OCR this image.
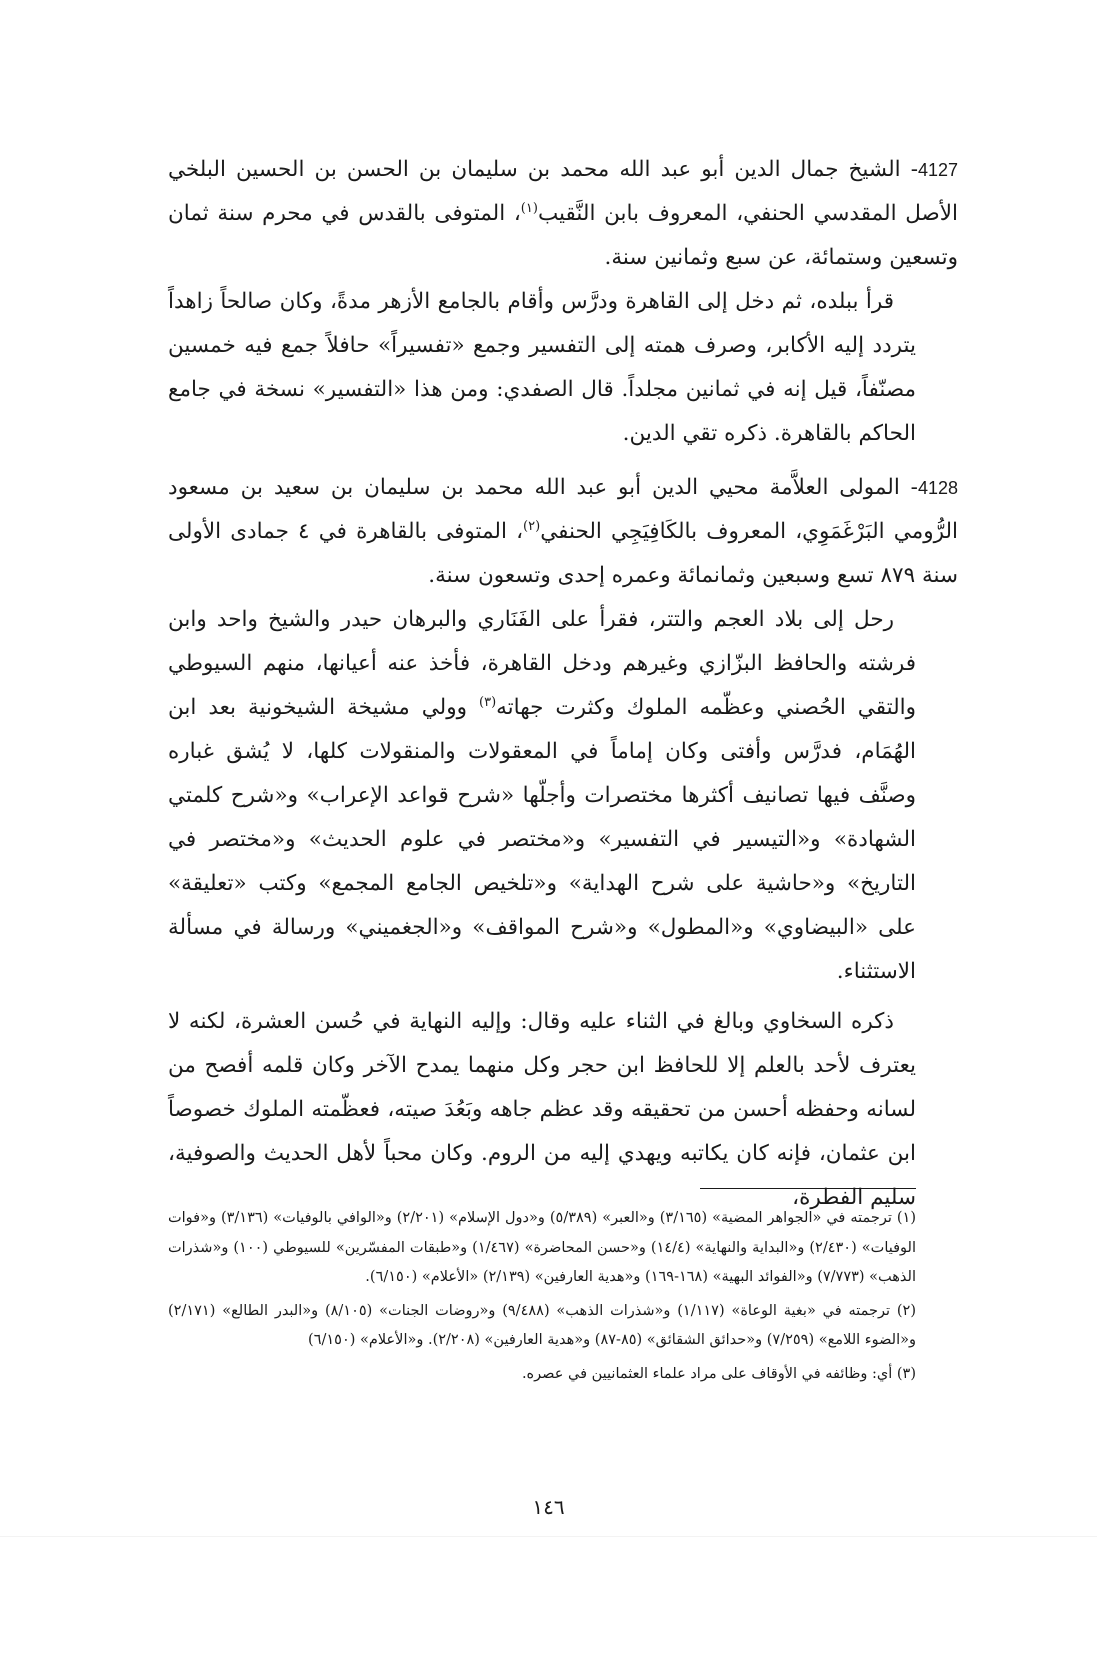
4127- الشيخ جمال الدين أبو عبد الله محمد بن سليمان بن الحسن بن الحسين البلخي الأصل المقدسي الحنفي، المعروف بابن النَّقيب$^{(١)}$، المتوفى بالقدس في محرم سنة ثمان وتسعين وستمائة، عن سبع وثمانين سنة.

قرأ ببلده، ثم دخل إلى القاهرة ودرَّس وأقام بالجامع الأزهر مدةً، وكان صالحاً زاهداً يتردد إليه الأكابر، وصرف همته إلى التفسير وجمع «تفسيراً» حافلاً جمع فيه خمسين مصنّفاً، قيل إنه في ثمانين مجلداً. قال الصفدي: ومن هذا «التفسير» نسخة في جامع الحاكم بالقاهرة. ذكره تقي الدين.

4128- المولى العلاَّمة محيي الدين أبو عبد الله محمد بن سليمان بن سعيد بن مسعود الرُّومي البَرْغَمَوِي، المعروف بالكَافِيَجِي الحنفي$^{(٢)}$، المتوفى بالقاهرة في ٤ جمادى الأولى سنة ٨٧٩ تسع وسبعين وثمانمائة وعمره إحدى وتسعون سنة.

رحل إلى بلاد العجم والتتر، فقرأ على الفَنَاري والبرهان حيدر والشيخ واحد وابن فرشته والحافظ البزّازي وغيرهم ودخل القاهرة، فأخذ عنه أعيانها، منهم السيوطي والتقي الحُصني وعظّمه الملوك وكثرت جهاته$^{(٣)}$ وولي مشيخة الشيخونية بعد ابن الهُمَام، فدرَّس وأفتى وكان إماماً في المعقولات والمنقولات كلها، لا يُشق غباره وصنَّف فيها تصانيف أكثرها مختصرات وأجلّها «شرح قواعد الإعراب» و«شرح كلمتي الشهادة» و«التيسير في التفسير» و«مختصر في علوم الحديث» و«مختصر في التاريخ» و«حاشية على شرح الهداية» و«تلخيص الجامع المجمع» وكتب «تعليقة» على «البيضاوي» و«المطول» و«شرح المواقف» و«الجغميني» ورسالة في مسألة الاستثناء.

ذكره السخاوي وبالغ في الثناء عليه وقال: وإليه النهاية في حُسن العشرة، لكنه لا يعترف لأحد بالعلم إلا للحافظ ابن حجر وكل منهما يمدح الآخر وكان قلمه أفصح من لسانه وحفظه أحسن من تحقيقه وقد عظم جاهه وبَعُدَ صيته، فعظّمته الملوك خصوصاً ابن عثمان، فإنه كان يكاتبه ويهدي إليه من الروم. وكان محباً لأهل الحديث والصوفية، سليم الفطرة،

(١) ترجمته في «الجواهر المضية» (٣/١٦٥) و«العبر» (٥/٣٨٩) و«دول الإسلام» (٢/٢٠١) و«الوافي بالوفيات» (٣/١٣٦) و«فوات الوفيات» (٢/٤٣٠) و«البداية والنهاية» (١٤/٤) و«حسن المحاضرة» (١/٤٦٧) و«طبقات المفسّرين» للسيوطي (١٠٠) و«شذرات الذهب» (٧/٧٧٣) و«الفوائد البهية» (١٦٨-١٦٩) و«هدية العارفين» (٢/١٣٩) «الأعلام» (٦/١٥٠).

(٢) ترجمته في «بغية الوعاة» (١/١١٧) و«شذرات الذهب» (٩/٤٨٨) و«روضات الجنات» (٨/١٠٥) و«البدر الطالع» (٢/١٧١) و«الضوء اللامع» (٧/٢٥٩) و«حدائق الشقائق» (٨٥-٨٧) و«هدية العارفين» (٢/٢٠٨). و«الأعلام» (٦/١٥٠)

(٣) أي: وظائفه في الأوقاف على مراد علماء العثمانيين في عصره.

١٤٦
